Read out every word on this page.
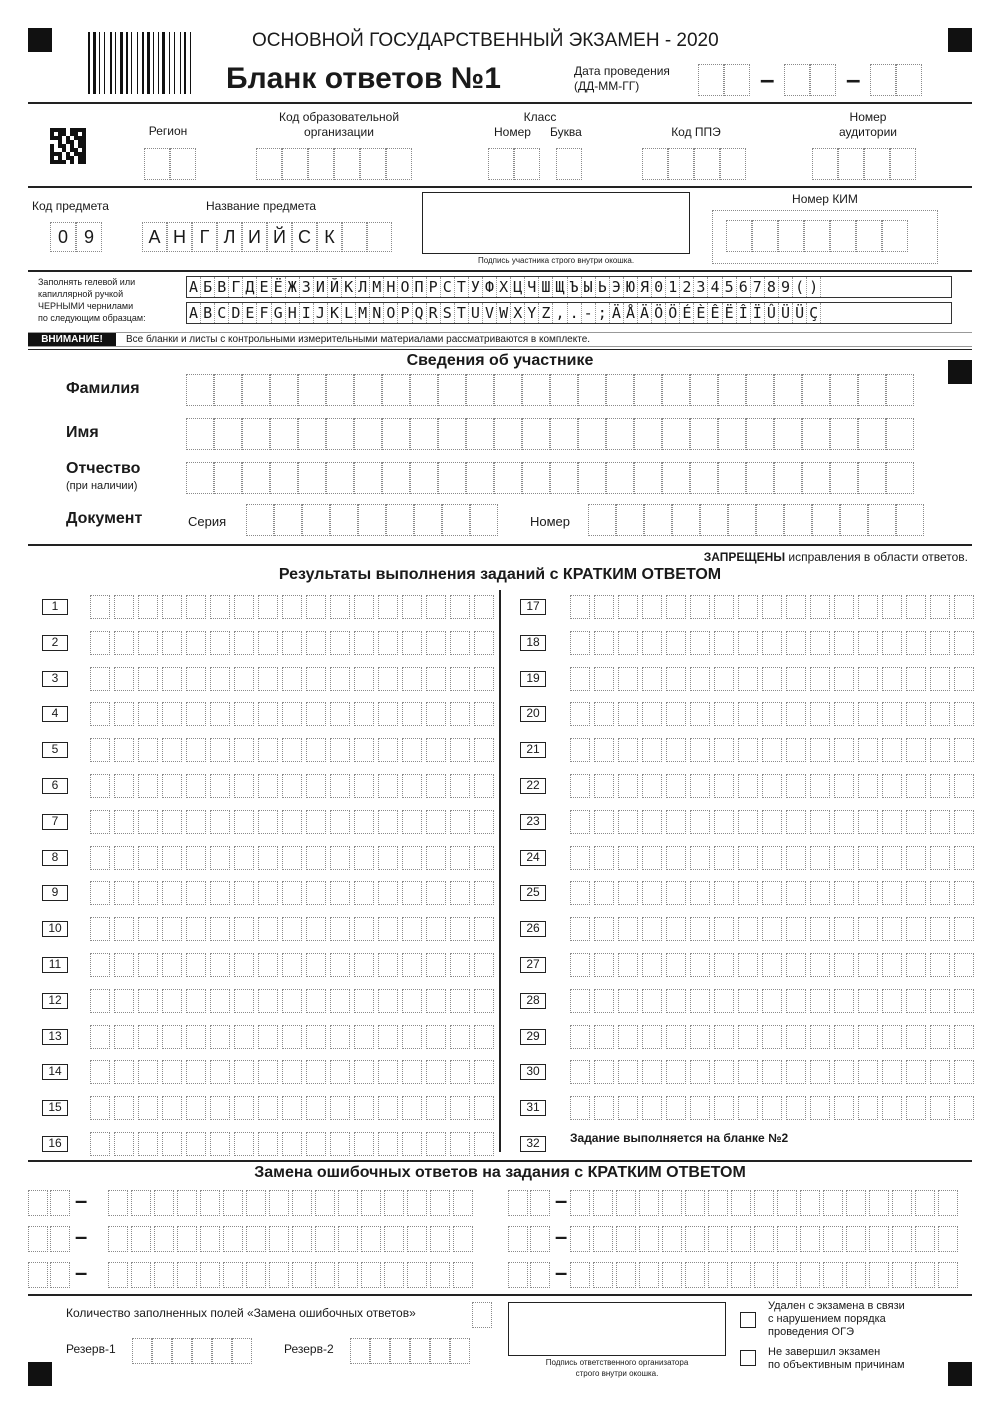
ОСНОВНОЙ ГОСУДАРСТВЕННЫЙ ЭКЗАМЕН - 2020
Бланк ответов №1	Дата проведения
(ДД-ММ-ГГ)	–	–
Регион
Код образовательной
организации
Класс
Номер Буква	Код ППЭ
Номер
аудитории
Код предмета	Название предмета
0 9	А Н Г Л И Й С К
Подпись участника строго внутри окошка.
Номер КИМ
Заполнять гелевой или
капиллярной ручкой
ЧЕРНЫМИ чернилами
по следующим образцам:
А Б В Г Д Е Ё Ж З И Й К Л М Н О П Р С Т У Ф Х Ц Ч Ш Щ Ъ Ы Ь Э Ю Я 0 1 2 3 4 5 6 7 8 9 ( )
A B C D E F G H I J K L M N O P Q R S T U V W X Y Z , . - ; Ä Å Ä Ö Ö É È Ê Ë Î Ï Û Ü Ü Ç
ВНИМАНИЕ!	Все бланки и листы с контрольными измерительными материалами рассматриваются в комплекте.
Сведения об участнике
Фамилия
Имя
Отчество
(при наличии)
Документ	Серия	Номер
ЗАПРЕЩЕНЫ исправления в области ответов.
Результаты выполнения заданий с КРАТКИМ ОТВЕТОМ
1
2
3
4
5
6
7
8
9
10
11
12
13
14
15
16
17
18
19
20
21
22
23
24
25
26
27
28
29
30
31
32	Задание выполняется на бланке №2
Замена ошибочных ответов на задания с КРАТКИМ ОТВЕТОМ
–	–
–	–
–	–
Количество заполненных полей «Замена ошибочных ответов»
Резерв-1	Резерв-2
Подпись ответственного организатора
строго внутри окошка.
Удален с экзамена в связи
с нарушением порядка
проведения ОГЭ
Не завершил экзамен
по объективным причинам
